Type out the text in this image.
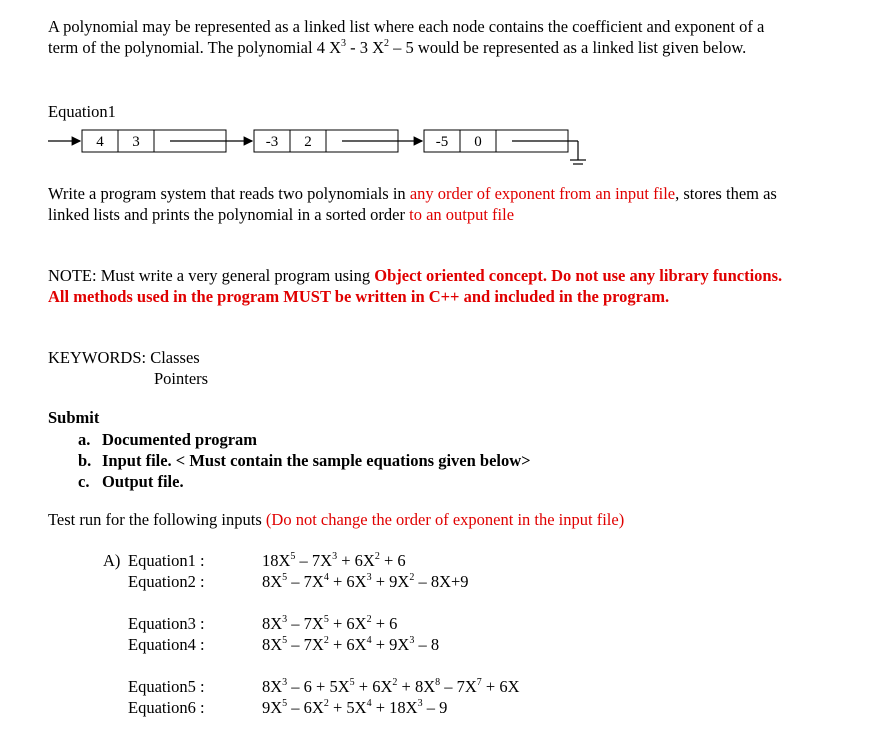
A polynomial may be represented as a linked list where each node contains the coefficient and exponent of a

term of the polynomial. The polynomial 4 $X^3 - 3$ $X^2 - 5$ would be represented as a linked list given below.

Equation1
4 3	-3 2	-5 0

Write a program system that reads two polynomials in any order of exponent from an input file, stores them as

linked lists and prints the polynomial in a sorted order to an output file

NOTE: Must write a very general program using Object oriented concept. Do not use any library functions.

All methods used in the program MUST be written in C++ and included in the program.

KEYWORDS: Classes
Pointers
Submit
a. Documented program
b. Input file. < Must contain the sample equations given below>
c. Output file.
Test run for the following inputs (Do not change the order of exponent in the input file)
A) Equation1 :
Equation2 :
Equation3 :
Equation4 :
Equation5 :
Equation6 :
$18X^5 - 7X^3 + 6X^2 + 6$
$8X^5 - 7X^4 + 6X^3 + 9X^2 - 8X+9$
$8X^3 - 7X^5 + 6X^2 + 6$
$8X^5 - 7X^2 + 6X^4 + 9X^3 - 8$
$8X^3 - 6 + 5X^5 + 6X^2 + 8X^8 - 7X^7 + 6X$
$9X^5 - 6X^2 + 5X^4 + 18X^3 - 9$
